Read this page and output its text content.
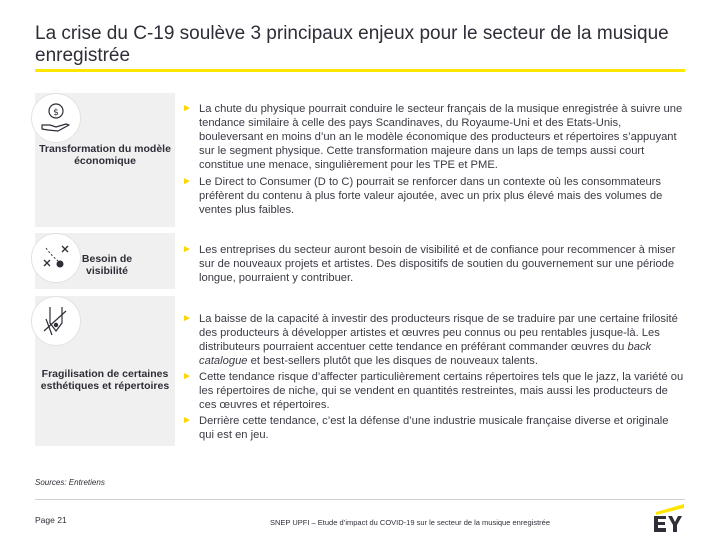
La crise du C-19 soulève 3 principaux enjeux pour le secteur de la musique enregistrée
$
Transformation du modèle économique
► La chute du physique pourrait conduire le secteur français de la musique enregistrée à suivre une tendance similaire à celle des pays Scandinaves, du Royaume-Uni et des Etats-Unis, bouleversant en moins d’un an le modèle économique des producteurs et répertoires s’appuyant sur le segment physique. Cette transformation majeure dans un laps de temps aussi court constitue une menace, singulièrement pour les TPE et PME.
► Le Direct to Consumer (D to C) pourrait se renforcer dans un contexte où les consommateurs préfèrent du contenu à plus forte valeur ajoutée, avec un prix plus élevé mais des volumes de ventes plus faibles.
Besoin de visibilité
► Les entreprises du secteur auront besoin de visibilité et de confiance pour recommencer à miser sur de nouveaux projets et artistes. Des dispositifs de soutien du gouvernement sur une période longue, pourraient y contribuer.
Fragilisation de certaines esthétiques et répertoires
► La baisse de la capacité à investir des producteurs risque de se traduire par une certaine frilosité des producteurs à développer artistes et œuvres peu connus ou peu rentables jusque-là. Les distributeurs pourraient accentuer cette tendance en préférant commander œuvres du back catalogue et best-sellers plutôt que les disques de nouveaux talents.
► Cette tendance risque d’affecter particulièrement certains répertoires tels que le jazz, la variété ou les répertoires de niche, qui se vendent en quantités restreintes, mais aussi les producteurs de ces œuvres et répertoires.
► Derrière cette tendance, c’est la défense d’une industrie musicale française diverse et originale qui est en jeu.
Sources: Entretiens
Page 21	SNEP UPFI – Etude d’impact du COVID-19 sur le secteur de la musique enregistrée
